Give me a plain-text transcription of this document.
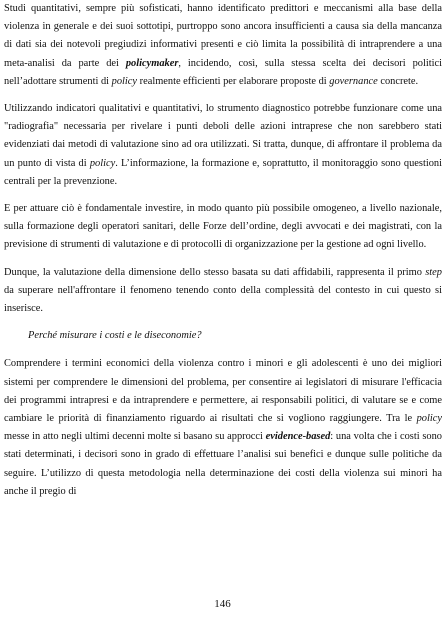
Studi quantitativi, sempre più sofisticati, hanno identificato predittori e meccanismi alla base della violenza in generale e dei suoi sottotipi, purtroppo sono ancora insufficienti a causa sia della mancanza di dati sia dei notevoli pregiudizi informativi presenti e ciò limita la possibilità di intraprendere a una meta-analisi da parte dei policymaker, incidendo, così, sulla stessa scelta dei decisori politici nell’adottare strumenti di policy realmente efficienti per elaborare proposte di governance concrete.

Utilizzando indicatori qualitativi e quantitativi, lo strumento diagnostico potrebbe funzionare come una "radiografia" necessaria per rivelare i punti deboli delle azioni intraprese che non sarebbero stati evidenziati dai metodi di valutazione sino ad ora utilizzati. Si tratta, dunque, di affrontare il problema da un punto di vista di policy. L’informazione, la formazione e, soprattutto, il monitoraggio sono questioni centrali per la prevenzione.

E per attuare ciò è fondamentale investire, in modo quanto più possibile omogeneo, a livello nazionale, sulla formazione degli operatori sanitari, delle Forze dell’ordine, degli avvocati e dei magistrati, con la previsione di strumenti di valutazione e di protocolli di organizzazione per la gestione ad ogni livello.

Dunque, la valutazione della dimensione dello stesso basata su dati affidabili, rappresenta il primo step da superare nell'affrontare il fenomeno tenendo conto della complessità del contesto in cui questo si inserisce.

Perché misurare i costi e le diseconomie?

Comprendere i termini economici della violenza contro i minori e gli adolescenti è uno dei migliori sistemi per comprendere le dimensioni del problema, per consentire ai legislatori di misurare l'efficacia dei programmi intrapresi e da intraprendere e permettere, ai responsabili politici, di valutare se e come cambiare le priorità di finanziamento riguardo ai risultati che si vogliono raggiungere. Tra le policy messe in atto negli ultimi decenni molte si basano su approcci evidence-based: una volta che i costi sono stati determinati, i decisori sono in grado di effettuare l’analisi sui benefici e dunque sulle politiche da seguire. L’utilizzo di questa metodologia nella determinazione dei costi della violenza sui minori ha anche il pregio di

146
